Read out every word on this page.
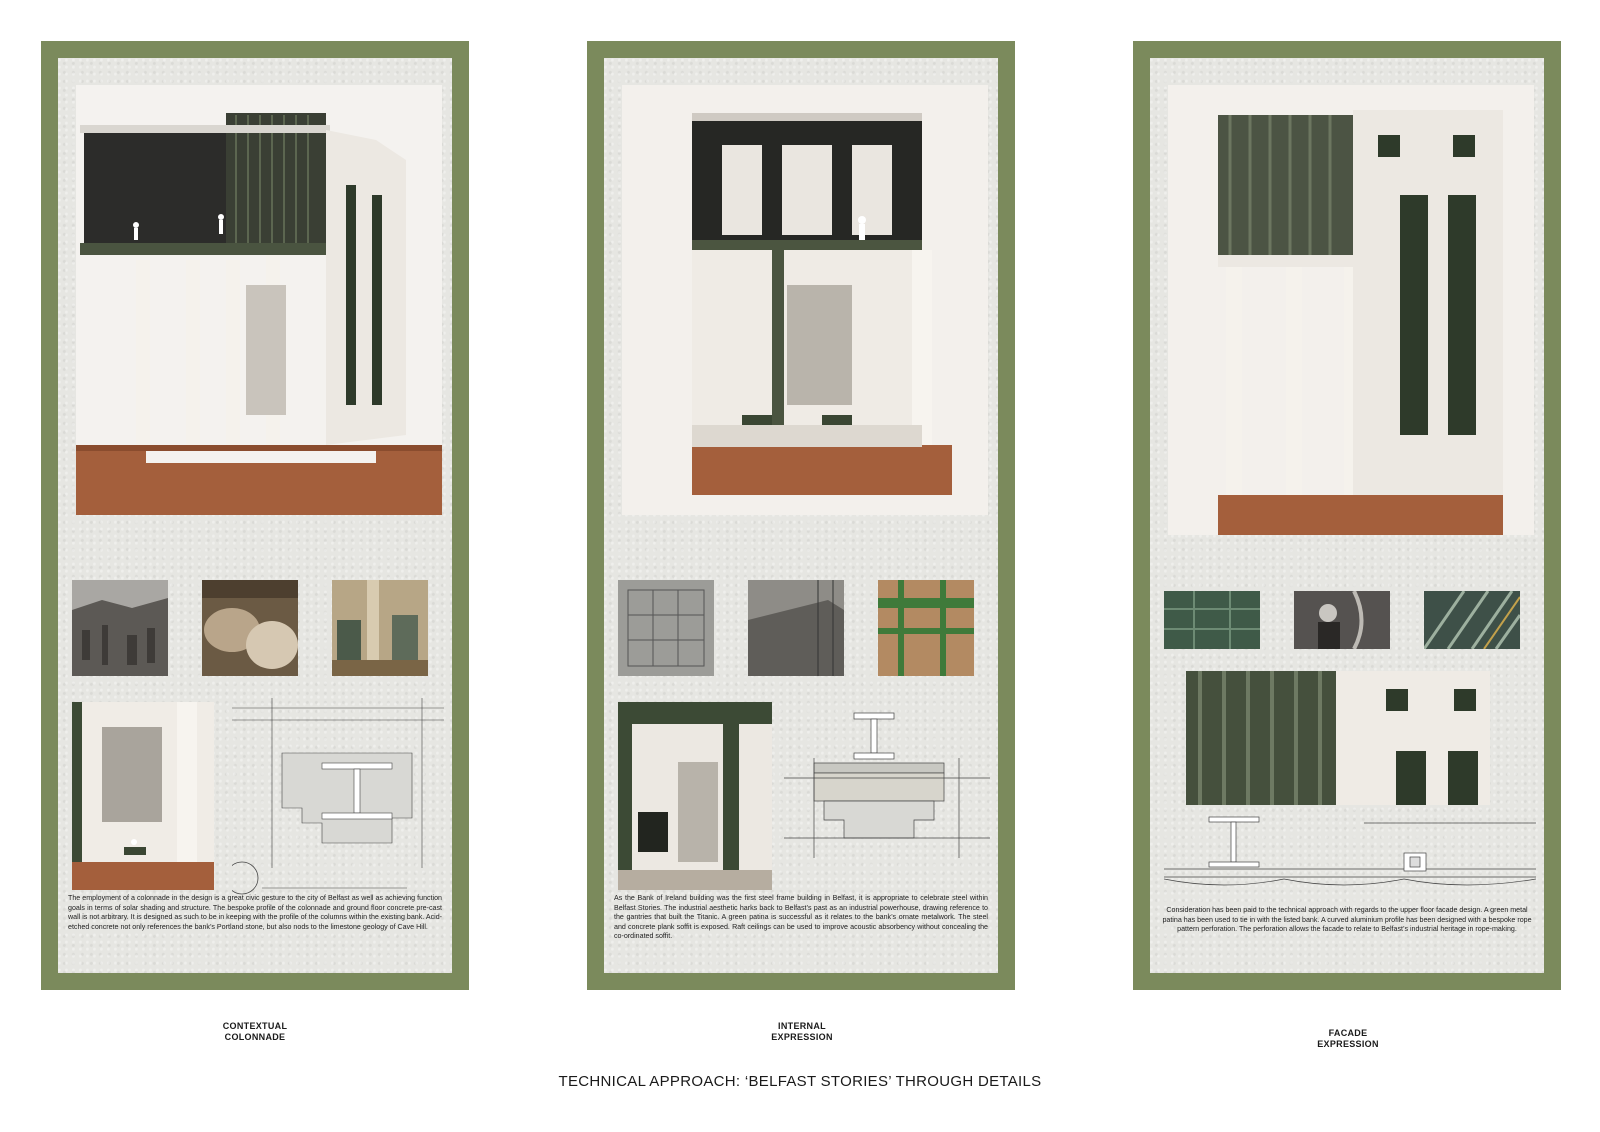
The employment of a colonnade in the design is a great civic gesture to the city of Belfast as well as achieving function goals in terms of solar shading and structure. The bespoke profile of the colonnade and ground floor concrete pre-cast wall is not arbitrary. It is designed as such to be in keeping with the profile of the columns within the existing bank. Acid-etched concrete not only references the bank’s Portland stone, but also nods to the limestone geology of Cave Hill.
As the Bank of Ireland building was the first steel frame building in Belfast, it is appropriate to celebrate steel within Belfast Stories. The industrial aesthetic harks back to Belfast’s past as an industrial powerhouse, drawing reference to the gantries that built the Titanic. A green patina is successful as it relates to the bank’s ornate metalwork. The steel and concrete plank soffit is exposed. Raft ceilings can be used to improve acoustic absorbency without concealing the co-ordinated soffit.
Consideration has been paid to the technical approach with regards to the upper floor facade design. A green metal patina has been used to tie in with the listed bank. A curved aluminium profile has been designed with a bespoke rope pattern perforation. The perforation allows the facade to relate to Belfast’s industrial heritage in rope-making.
CONTEXTUAL
COLONNADE
INTERNAL
EXPRESSION	FACADE
EXPRESSION
TECHNICAL APPROACH: ‘BELFAST STORIES’ THROUGH DETAILS
